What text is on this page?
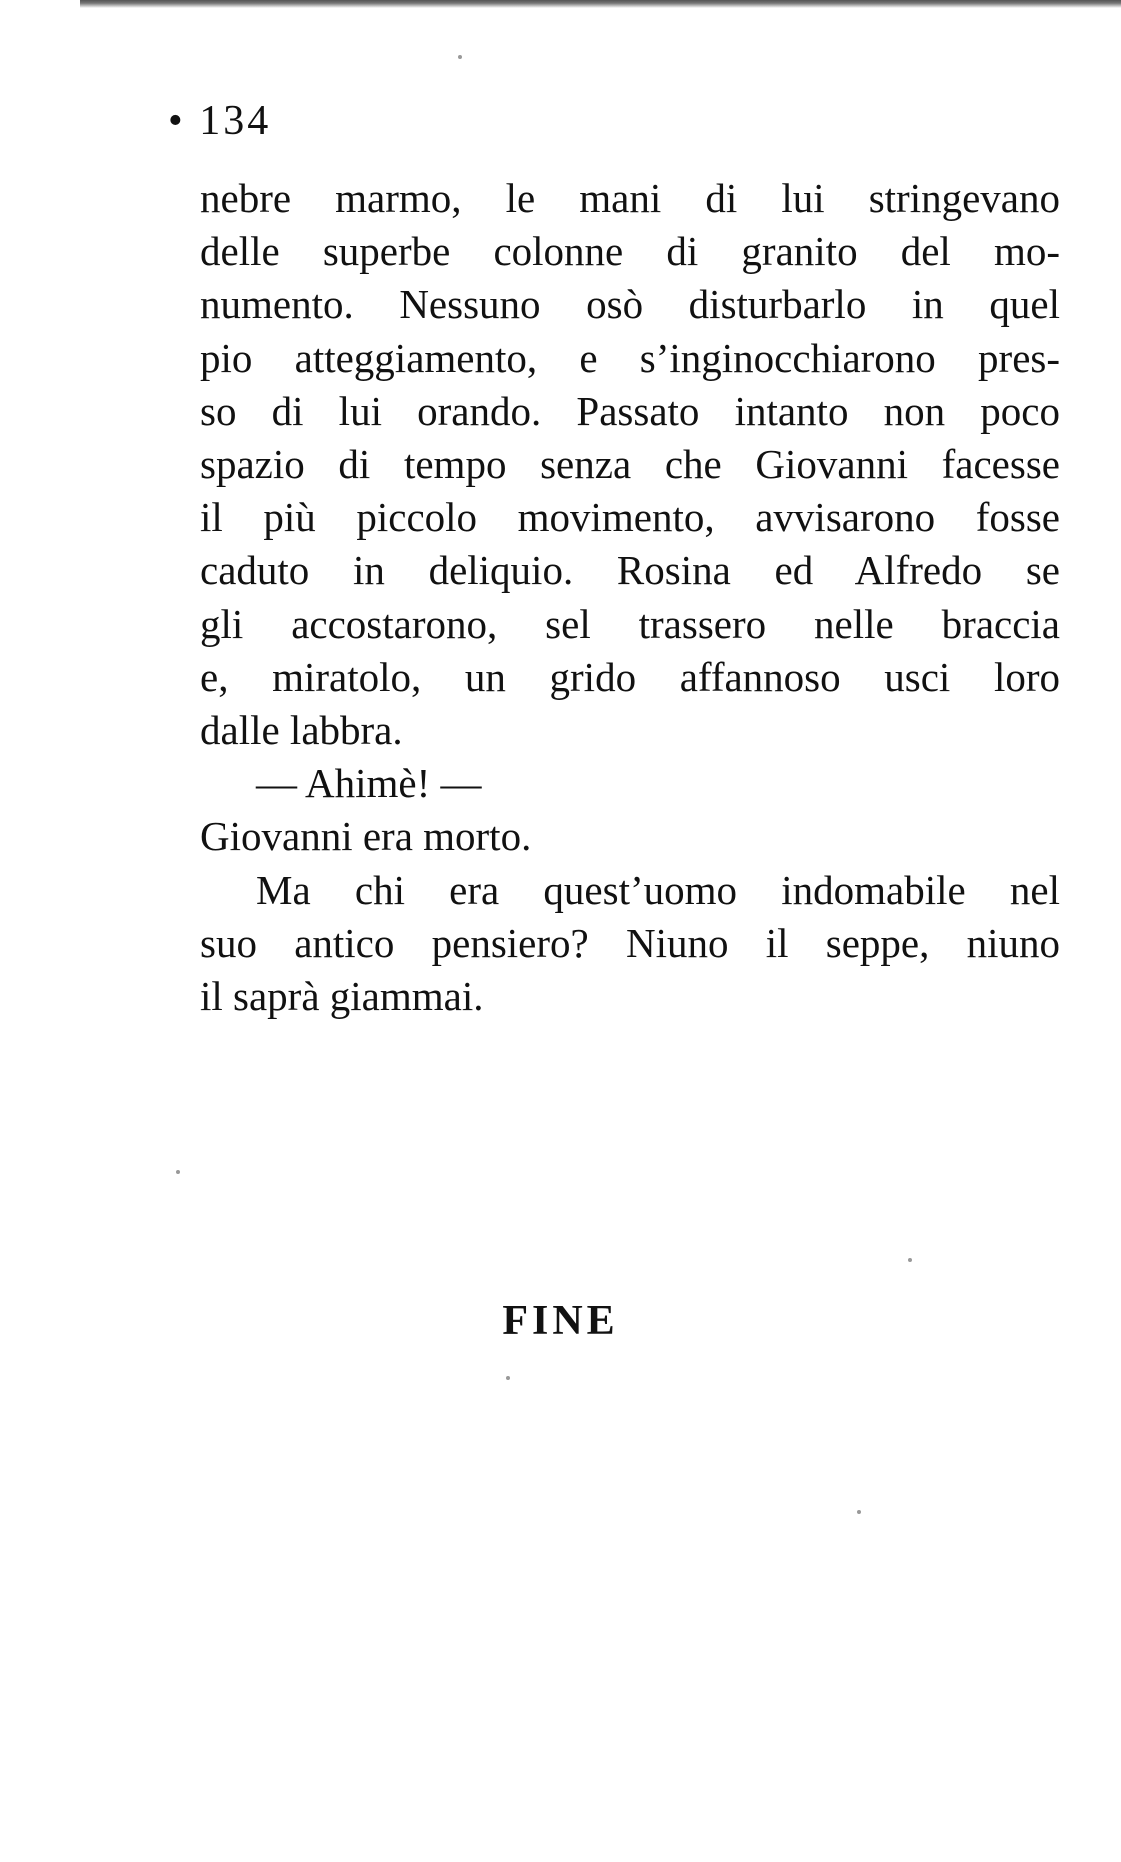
• 134
nebre marmo, le mani di lui stringevano
delle superbe colonne di granito del mo-
numento. Nessuno osò disturbarlo in quel
pio atteggiamento, e s’inginocchiarono pres-
so di lui orando. Passato intanto non poco
spazio di tempo senza che Giovanni facesse
il più piccolo movimento, avvisarono fosse
caduto in deliquio. Rosina ed Alfredo se
gli accostarono, sel trassero nelle braccia
e, miratolo, un grido affannoso usci loro
dalle labbra.
— Ahimè! —
Giovanni era morto.
Ma chi era quest’uomo indomabile nel
suo antico pensiero? Niuno il seppe, niuno
il saprà giammai.
FINE
